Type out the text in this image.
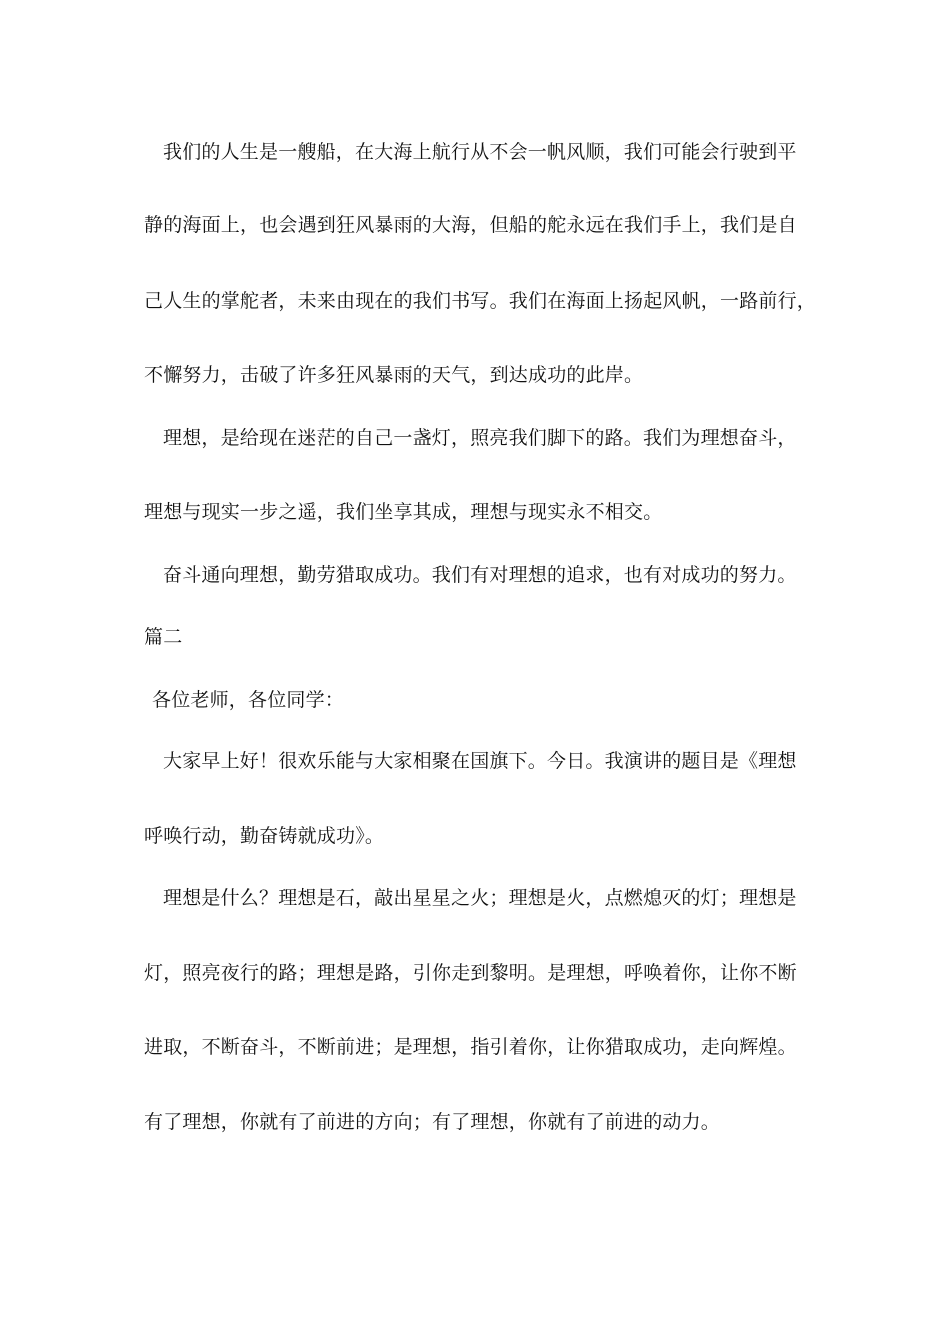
我们的人生是一艘船，在大海上航行从不会一帆风顺，我们可能会行驶到平
静的海面上，也会遇到狂风暴雨的大海，但船的舵永远在我们手上，我们是自
己人生的掌舵者，未来由现在的我们书写。我们在海面上扬起风帆，一路前行，
不懈努力，击破了许多狂风暴雨的天气，到达成功的此岸。
理想，是给现在迷茫的自己一盏灯，照亮我们脚下的路。我们为理想奋斗，
理想与现实一步之遥，我们坐享其成，理想与现实永不相交。
奋斗通向理想，勤劳猎取成功。我们有对理想的追求，也有对成功的努力。
篇二
各位老师，各位同学：
大家早上好！很欢乐能与大家相聚在国旗下。今日。我演讲的题目是《理想
呼唤行动，勤奋铸就成功》。
理想是什么？理想是石，敲出星星之火；理想是火，点燃熄灭的灯；理想是
灯，照亮夜行的路；理想是路，引你走到黎明。是理想，呼唤着你，让你不断
进取，不断奋斗，不断前进；是理想，指引着你，让你猎取成功，走向辉煌。
有了理想，你就有了前进的方向；有了理想，你就有了前进的动力。
